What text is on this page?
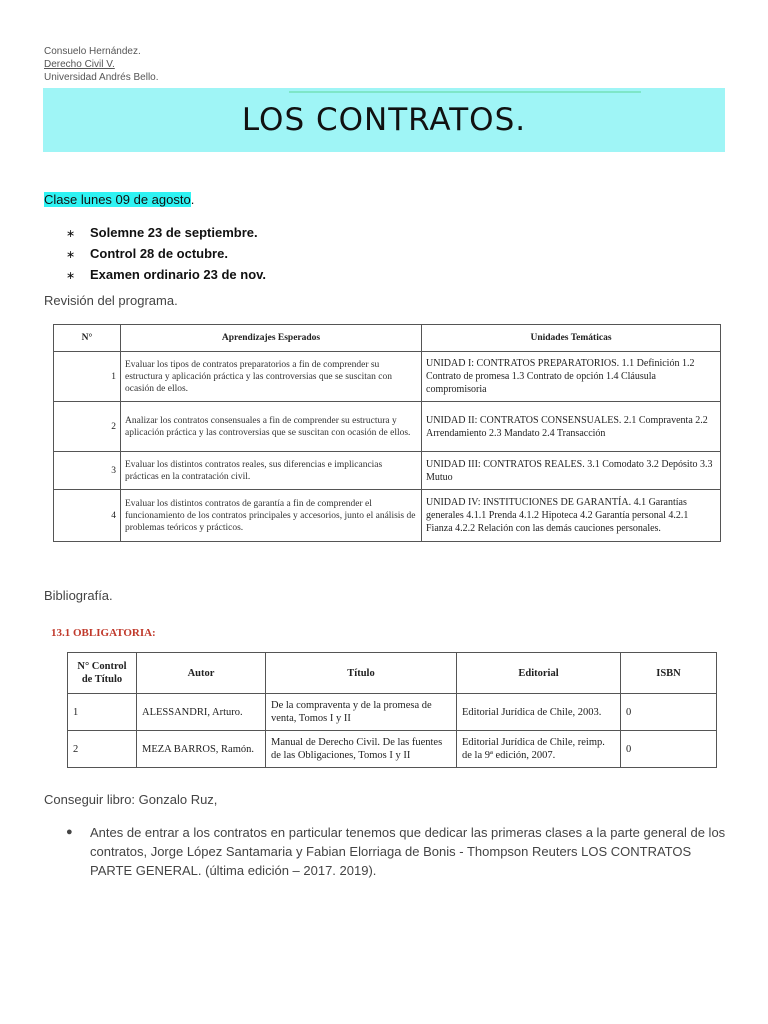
Consuelo Hernández.
Derecho Civil V.
Universidad Andrés Bello.
LOS CONTRATOS.
Clase lunes 09 de agosto.
∗ Solemne 23 de septiembre.
∗ Control 28 de octubre.
∗ Examen ordinario 23 de nov.
Revisión del programa.
N°	Aprendizajes Esperados	Unidades Temáticas
1	Evaluar los tipos de contratos preparatorios a fin de comprender su estructura y aplicación práctica y las controversias que se suscitan con ocasión de ellos.	UNIDAD I: CONTRATOS PREPARATORIOS. 1.1 Definición 1.2 Contrato de promesa 1.3 Contrato de opción 1.4 Cláusula compromisoria
2	Analizar los contratos consensuales a fin de comprender su estructura y aplicación práctica y las controversias que se suscitan con ocasión de ellos.	UNIDAD II: CONTRATOS CONSENSUALES. 2.1 Compraventa 2.2 Arrendamiento 2.3 Mandato 2.4 Transacción
3	Evaluar los distintos contratos reales, sus diferencias e implicancias prácticas en la contratación civil.	UNIDAD III: CONTRATOS REALES. 3.1 Comodato 3.2 Depósito 3.3 Mutuo
4	Evaluar los distintos contratos de garantía a fin de comprender el funcionamiento de los contratos principales y accesorios, junto el análisis de problemas teóricos y prácticos.	UNIDAD IV: INSTITUCIONES DE GARANTÍA. 4.1 Garantías generales 4.1.1 Prenda 4.1.2 Hipoteca 4.2 Garantía personal 4.2.1 Fianza 4.2.2 Relación con las demás cauciones personales.
Bibliografía.
13.1 OBLIGATORIA:
N° Control de Título	Autor	Título	Editorial	ISBN
1	ALESSANDRI, Arturo.	De la compraventa y de la promesa de venta, Tomos I y II	Editorial Jurídica de Chile, 2003.	0
2	MEZA BARROS, Ramón.	Manual de Derecho Civil. De las fuentes de las Obligaciones, Tomos I y II	Editorial Jurídica de Chile, reimp. de la 9ª edición, 2007.	0
Conseguir libro: Gonzalo Ruz,
● Antes de entrar a los contratos en particular tenemos que dedicar las primeras clases a la parte general de los contratos, Jorge López Santamaria y Fabian Elorriaga de Bonis - Thompson Reuters LOS CONTRATOS PARTE GENERAL. (última edición – 2017. 2019).
